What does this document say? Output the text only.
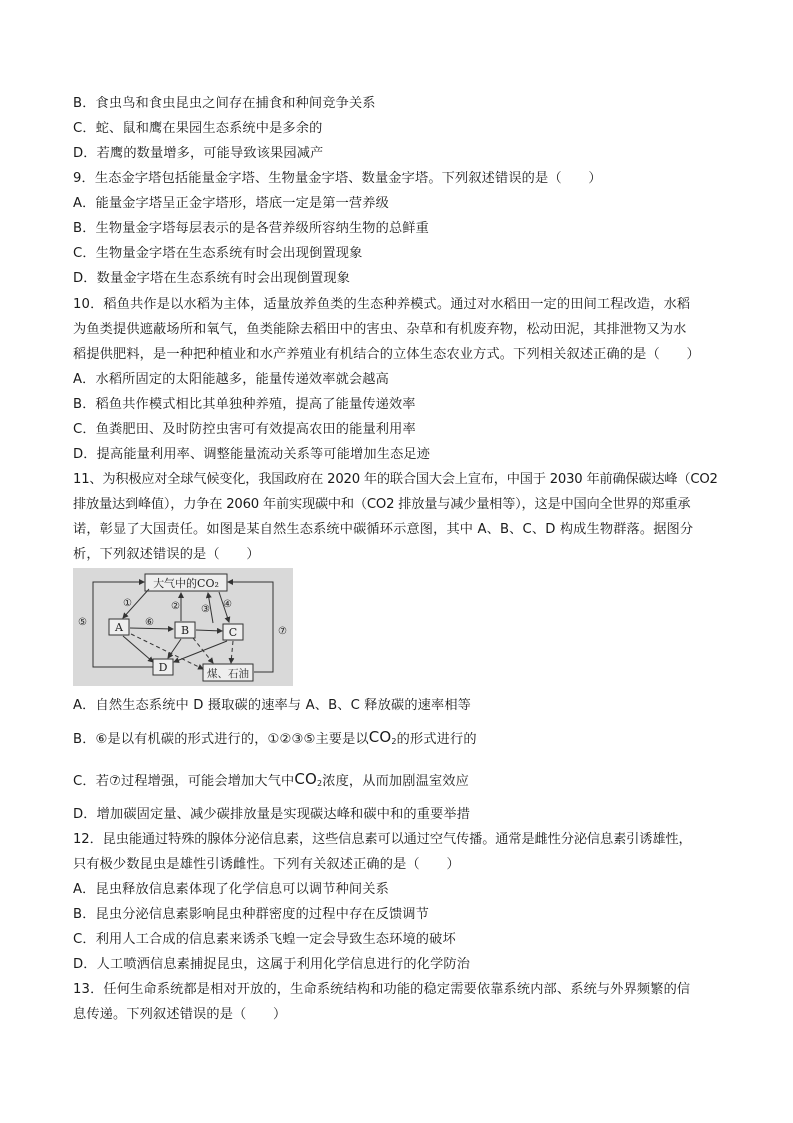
B．食虫鸟和食虫昆虫之间存在捕食和种间竞争关系
C．蛇、鼠和鹰在果园生态系统中是多余的
D．若鹰的数量增多，可能导致该果园减产
9．生态金字塔包括能量金字塔、生物量金字塔、数量金字塔。下列叙述错误的是（　　）
A．能量金字塔呈正金字塔形，塔底一定是第一营养级
B．生物量金字塔每层表示的是各营养级所容纳生物的总鲜重
C．生物量金字塔在生态系统有时会出现倒置现象
D．数量金字塔在生态系统有时会出现倒置现象
10．稻鱼共作是以水稻为主体，适量放养鱼类的生态种养模式。通过对水稻田一定的田间工程改造，水稻
为鱼类提供遮蔽场所和氧气，鱼类能除去稻田中的害虫、杂草和有机废弃物，松动田泥，其排泄物又为水
稻提供肥料，是一种把种植业和水产养殖业有机结合的立体生态农业方式。下列相关叙述正确的是（　　）
A．水稻所固定的太阳能越多，能量传递效率就会越高
B．稻鱼共作模式相比其单独种养殖，提高了能量传递效率
C．鱼粪肥田、及时防控虫害可有效提高农田的能量利用率
D．提高能量利用率、调整能量流动关系等可能增加生态足迹
11、为积极应对全球气候变化，我国政府在 2020 年的联合国大会上宣布，中国于 2030 年前确保碳达峰（CO2
排放量达到峰值），力争在 2060 年前实现碳中和（CO2 排放量与减少量相等），这是中国向全世界的郑重承
诺，彰显了大国责任。如图是某自然生态系统中碳循环示意图，其中 A、B、C、D 构成生物群落。据图分
析，下列叙述错误的是（　　）
大气中的CO₂
A	B	C
D	煤、石油
①	② ③ ④
⑤	⑥
⑦
A．自然生态系统中 D 摄取碳的速率与 A、B、C 释放碳的速率相等
B．⑥是以有机碳的形式进行的，①②③⑤主要是以$CO_2$的形式进行的
C．若⑦过程增强，可能会增加大气中$CO_2$浓度，从而加剧温室效应
D．增加碳固定量、减少碳排放量是实现碳达峰和碳中和的重要举措
12．昆虫能通过特殊的腺体分泌信息素，这些信息素可以通过空气传播。通常是雌性分泌信息素引诱雄性，
只有极少数昆虫是雄性引诱雌性。下列有关叙述正确的是（　　）
A．昆虫释放信息素体现了化学信息可以调节种间关系
B．昆虫分泌信息素影响昆虫种群密度的过程中存在反馈调节
C．利用人工合成的信息素来诱杀飞蝗一定会导致生态环境的破坏
D．人工喷洒信息素捕捉昆虫，这属于利用化学信息进行的化学防治
13．任何生命系统都是相对开放的，生命系统结构和功能的稳定需要依靠系统内部、系统与外界频繁的信
息传递。下列叙述错误的是（　　）
